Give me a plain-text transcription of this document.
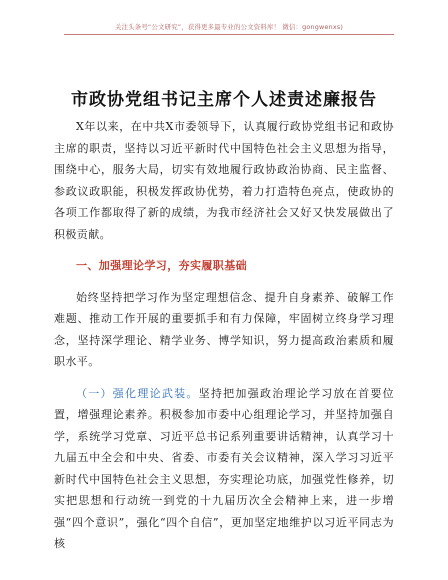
关注头条号“公文研究”，获得更多最专业的公文资料库！ 微信：gongwenxs)
市政协党组书记主席个人述责述廉报告

X年以来，在中共X市委领导下，认真履行政协党组书记和政协主席的职责，坚持以习近平新时代中国特色社会主义思想为指导，围绕中心，服务大局，切实有效地履行政协政治协商、民主监督、参政议政职能，积极发挥政协优势，着力打造特色亮点，使政协的各项工作都取得了新的成绩，为我市经济社会又好又快发展做出了积极贡献。

一、加强理论学习，夯实履职基础

始终坚持把学习作为坚定理想信念、提升自身素养、破解工作难题、推动工作开展的重要抓手和有力保障，牢固树立终身学习理念，坚持深学理论、精学业务、博学知识，努力提高政治素质和履职水平。

（一）强化理论武装。坚持把加强政治理论学习放在首要位置，增强理论素养。积极参加市委中心组理论学习，并坚持加强自学，系统学习党章、习近平总书记系列重要讲话精神，认真学习十九届五中全会和中央、省委、市委有关会议精神，深入学习习近平新时代中国特色社会主义思想，夯实理论功底，加强党性修养，切实把思想和行动统一到党的十九届历次全会精神上来，进一步增强“四个意识”，强化“四个自信”，更加坚定地维护以习近平同志为核
